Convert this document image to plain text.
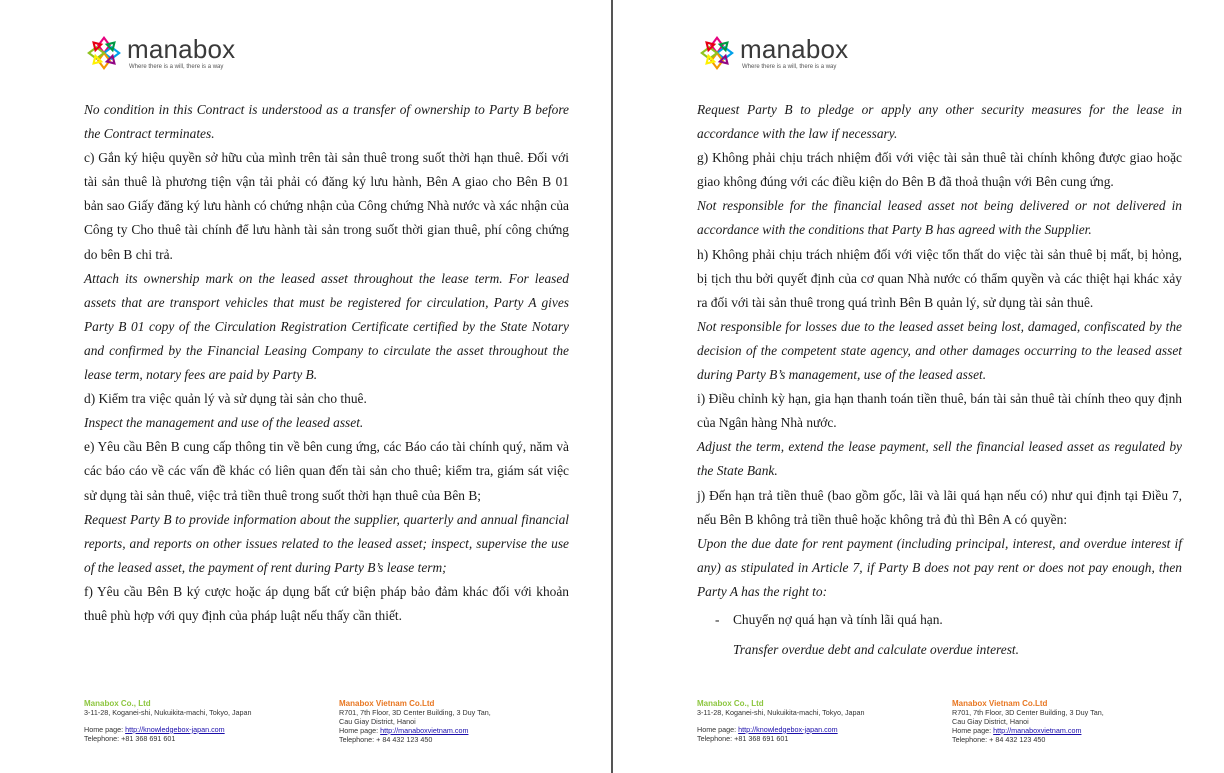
manabox
Where there is a will, there is a way

No condition in this Contract is understood as a transfer of ownership to Party B before the Contract terminates.

c) Gắn ký hiệu quyền sở hữu của mình trên tài sản thuê trong suốt thời hạn thuê. Đối với tài sản thuê là phương tiện vận tải phải có đăng ký lưu hành, Bên A giao cho Bên B 01 bản sao Giấy đăng ký lưu hành có chứng nhận của Công chứng Nhà nước và xác nhận của Công ty Cho thuê tài chính để lưu hành tài sản trong suốt thời gian thuê, phí công chứng do bên B chi trả.

Attach its ownership mark on the leased asset throughout the lease term. For leased assets that are transport vehicles that must be registered for circulation, Party A gives Party B 01 copy of the Circulation Registration Certificate certified by the State Notary and confirmed by the Financial Leasing Company to circulate the asset throughout the lease term, notary fees are paid by Party B.

d) Kiểm tra việc quản lý và sử dụng tài sản cho thuê.

Inspect the management and use of the leased asset.

e) Yêu cầu Bên B cung cấp thông tin về bên cung ứng, các Báo cáo tài chính quý, năm và các báo cáo về các vấn đề khác có liên quan đến tài sản cho thuê; kiểm tra, giám sát việc sử dụng tài sản thuê, việc trả tiền thuê trong suốt thời hạn thuê của Bên B;

Request Party B to provide information about the supplier, quarterly and annual financial reports, and reports on other issues related to the leased asset; inspect, supervise the use of the leased asset, the payment of rent during Party B’s lease term;

f) Yêu cầu Bên B ký cược hoặc áp dụng bất cứ biện pháp bảo đảm khác đối với khoản thuê phù hợp với quy định của pháp luật nếu thấy cần thiết.

Manabox Co., Ltd
3-11-28, Koganei-shi, Nukuikita-machi, Tokyo, Japan
Home page: http://knowledgebox-japan.com
Telephone: +81 368 691 601
Manabox Vietnam Co.Ltd
R701, 7th Floor, 3D Center Building, 3 Duy Tan,
Cau Giay District, Hanoi
Home page: http://manaboxvietnam.com
Telephone: + 84 432 123 450
manabox
Where there is a will, there is a way

Request Party B to pledge or apply any other security measures for the lease in accordance with the law if necessary.

g) Không phải chịu trách nhiệm đối với việc tài sản thuê tài chính không được giao hoặc giao không đúng với các điều kiện do Bên B đã thoả thuận với Bên cung ứng.

Not responsible for the financial leased asset not being delivered or not delivered in accordance with the conditions that Party B has agreed with the Supplier.

h) Không phải chịu trách nhiệm đối với việc tổn thất do việc tài sản thuê bị mất, bị hỏng, bị tịch thu bởi quyết định của cơ quan Nhà nước có thẩm quyền và các thiệt hại khác xảy ra đối với tài sản thuê trong quá trình Bên B quản lý, sử dụng tài sản thuê.

Not responsible for losses due to the leased asset being lost, damaged, confiscated by the decision of the competent state agency, and other damages occurring to the leased asset during Party B’s management, use of the leased asset.

i) Điều chỉnh kỳ hạn, gia hạn thanh toán tiền thuê, bán tài sản thuê tài chính theo quy định của Ngân hàng Nhà nước.

Adjust the term, extend the lease payment, sell the financial leased asset as regulated by the State Bank.

j) Đến hạn trả tiền thuê (bao gồm gốc, lãi và lãi quá hạn nếu có) như qui định tại Điều 7, nếu Bên B không trả tiền thuê hoặc không trả đủ thì Bên A có quyền:

Upon the due date for rent payment (including principal, interest, and overdue interest if any) as stipulated in Article 7, if Party B does not pay rent or does not pay enough, then Party A has the right to:

-	Chuyển nợ quá hạn và tính lãi quá hạn.
Transfer overdue debt and calculate overdue interest.
Manabox Co., Ltd
3-11-28, Koganei-shi, Nukuikita-machi, Tokyo, Japan
Home page: http://knowledgebox-japan.com
Telephone: +81 368 691 601
Manabox Vietnam Co.Ltd
R701, 7th Floor, 3D Center Building, 3 Duy Tan,
Cau Giay District, Hanoi
Home page: http://manaboxvietnam.com
Telephone: + 84 432 123 450
